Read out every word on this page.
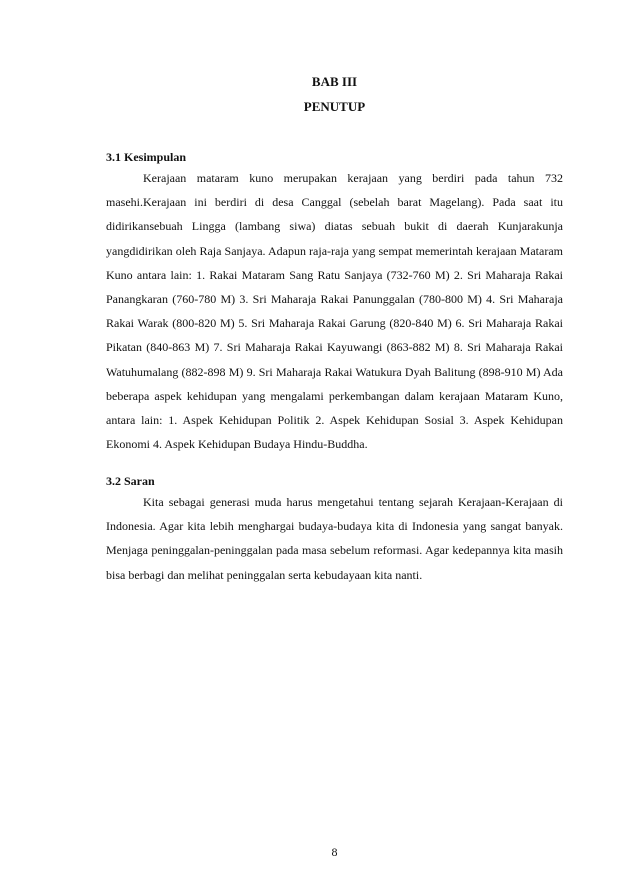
BAB III
PENUTUP
3.1 Kesimpulan

Kerajaan mataram kuno merupakan kerajaan yang berdiri pada tahun 732 masehi.Kerajaan ini berdiri di desa Canggal (sebelah barat Magelang). Pada saat itu didirikansebuah Lingga (lambang siwa) diatas sebuah bukit di daerah Kunjarakunja yangdidirikan oleh Raja Sanjaya. Adapun raja-raja yang sempat memerintah kerajaan Mataram Kuno antara lain: 1. Rakai Mataram Sang Ratu Sanjaya (732-760 M) 2. Sri Maharaja Rakai Panangkaran (760-780 M) 3. Sri Maharaja Rakai Panunggalan (780-800 M) 4. Sri Maharaja Rakai Warak (800-820 M) 5. Sri Maharaja Rakai Garung (820-840 M) 6. Sri Maharaja Rakai Pikatan (840-863 M) 7. Sri Maharaja Rakai Kayuwangi (863-882 M) 8. Sri Maharaja Rakai Watuhumalang (882-898 M) 9. Sri Maharaja Rakai Watukura Dyah Balitung (898-910 M) Ada beberapa aspek kehidupan yang mengalami perkembangan dalam kerajaan Mataram Kuno, antara lain: 1. Aspek Kehidupan Politik 2. Aspek Kehidupan Sosial 3. Aspek Kehidupan Ekonomi 4. Aspek Kehidupan Budaya Hindu-Buddha.

3.2 Saran

Kita sebagai generasi muda harus mengetahui tentang sejarah Kerajaan-Kerajaan di Indonesia. Agar kita lebih menghargai budaya-budaya kita di Indonesia yang sangat banyak. Menjaga peninggalan-peninggalan pada masa sebelum reformasi. Agar kedepannya kita masih bisa berbagi dan melihat peninggalan serta kebudayaan kita nanti.

8
